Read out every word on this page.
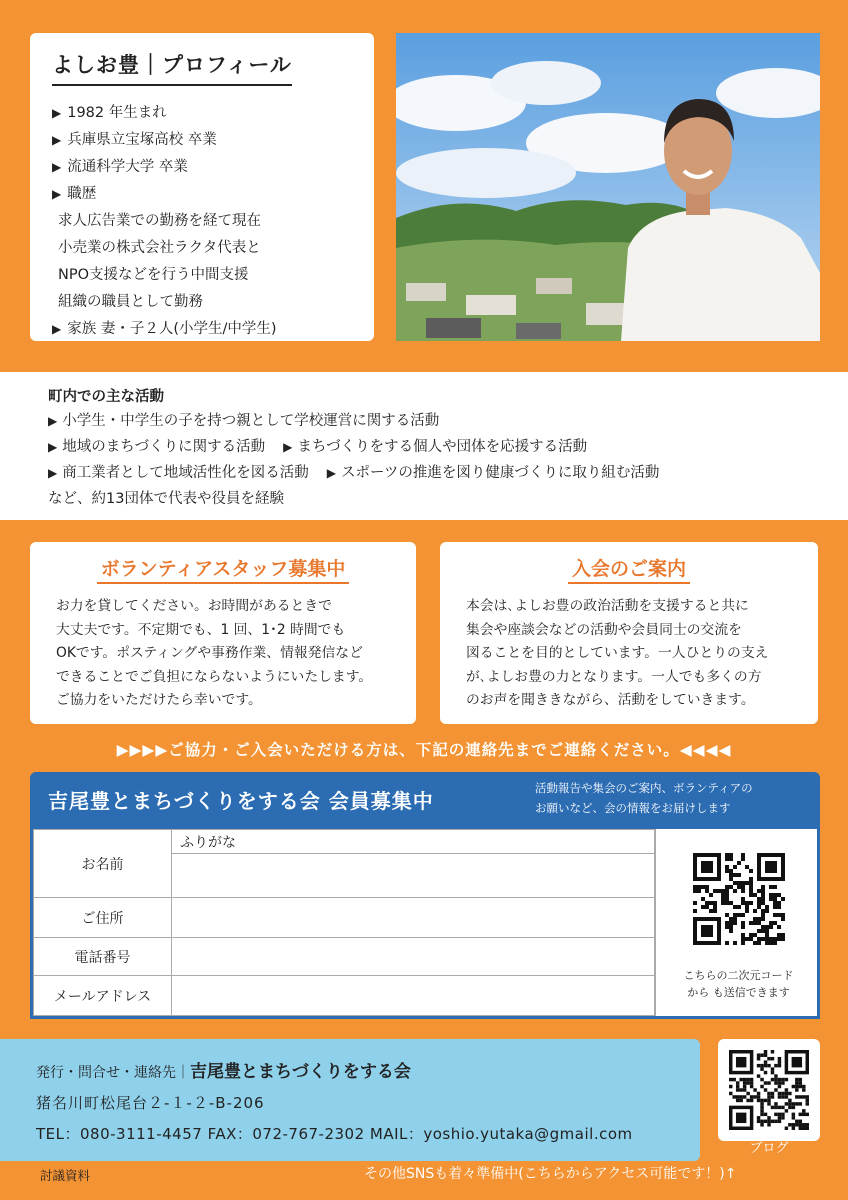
よしお豊｜プロフィール
▶ 1982 年生まれ
▶ 兵庫県立宝塚高校 卒業
▶ 流通科学大学 卒業
▶ 職歴
求人広告業での勤務を経て現在
小売業の株式会社ラクタ代表と
NPO支援などを行う中間支援
組織の職員として勤務
▶ 家族 妻・子２人(小学生/中学生)
町内での主な活動
▶ 小学生・中学生の子を持つ親として学校運営に関する活動
▶ 地域のまちづくりに関する活動 ▶ まちづくりをする個人や団体を応援する活動
▶ 商工業者として地域活性化を図る活動 ▶ スポーツの推進を図り健康づくりに取り組む活動
など、約13団体で代表や役員を経験
ボランティアスタッフ募集中

お力を貸してください。お時間があるときで
大丈夫です。不定期でも、1 回、1･2 時間でも
OKです。ポスティングや事務作業、情報発信など
できることでご負担にならないようにいたします。
ご協力をいただけたら幸いです。

入会のご案内

本会は､よしお豊の政治活動を支援すると共に
集会や座談会などの活動や会員同士の交流を
図ることを目的としています。一人ひとりの支え
が､よしお豊の力となります。一人でも多くの方
のお声を聞ききながら、活動をしていきます。

▶▶▶▶ご協力・ご入会いただける方は、下記の連絡先までご連絡ください。◀◀◀◀
吉尾豊とまちづくりをする会 会員募集中
活動報告や集会のご案内、ボランティアの
お願いなど、会の情報をお届けします
お名前	ふりがな

ご住所	
電話番号	
メールアドレス	
こちらの二次元コード
から も送信できます
発行・問合せ・連絡先｜吉尾豊とまちづくりをする会
猪名川町松尾台２-１-２-B-206
TEL：080-3111-4457 FAX：072-767-2302 MAIL：yoshio.yutaka@gmail.com
ブログ
討議資料	その他SNSも着々準備中(こちらからアクセス可能です！)↑
